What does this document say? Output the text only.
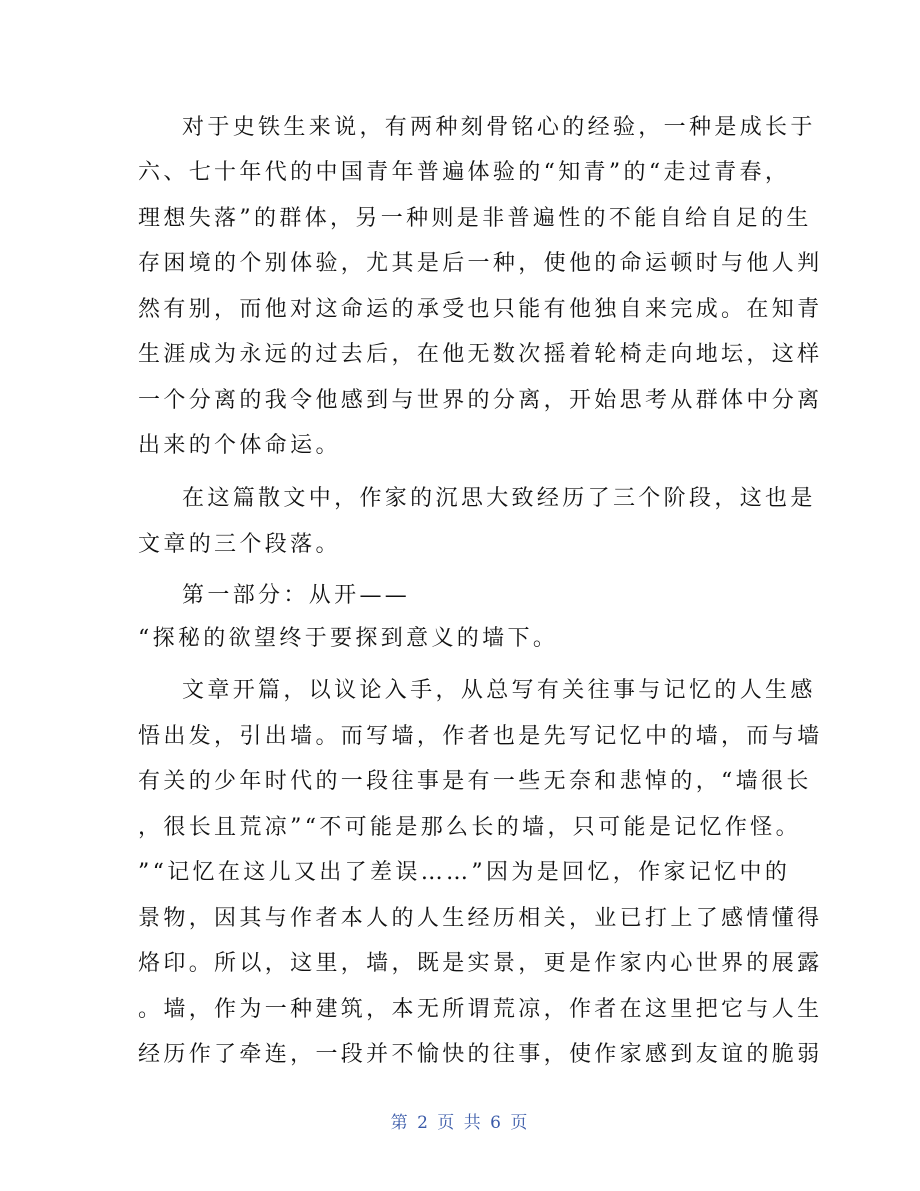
对于史铁生来说，有两种刻骨铭心的经验，一种是成长于
六、七十年代的中国青年普遍体验的“知青”的“走过青春，
理想失落”的群体，另一种则是非普遍性的不能自给自足的生
存困境的个别体验，尤其是后一种，使他的命运顿时与他人判
然有别，而他对这命运的承受也只能有他独自来完成。在知青
生涯成为永远的过去后，在他无数次摇着轮椅走向地坛，这样
一个分离的我令他感到与世界的分离，开始思考从群体中分离
出来的个体命运。
在这篇散文中，作家的沉思大致经历了三个阶段，这也是
文章的三个段落。
第一部分：从开——
“探秘的欲望终于要探到意义的墙下。
文章开篇，以议论入手，从总写有关往事与记忆的人生感
悟出发，引出墙。而写墙，作者也是先写记忆中的墙，而与墙
有关的少年时代的一段往事是有一些无奈和悲悼的，“墙很长
，很长且荒凉”“不可能是那么长的墙，只可能是记忆作怪。
”“记忆在这儿又出了差误……”因为是回忆，作家记忆中的
景物，因其与作者本人的人生经历相关，业已打上了感情懂得
烙印。所以，这里，墙，既是实景，更是作家内心世界的展露
。墙，作为一种建筑，本无所谓荒凉，作者在这里把它与人生
经历作了牵连，一段并不愉快的往事，使作家感到友谊的脆弱
第 2 页 共 6 页
